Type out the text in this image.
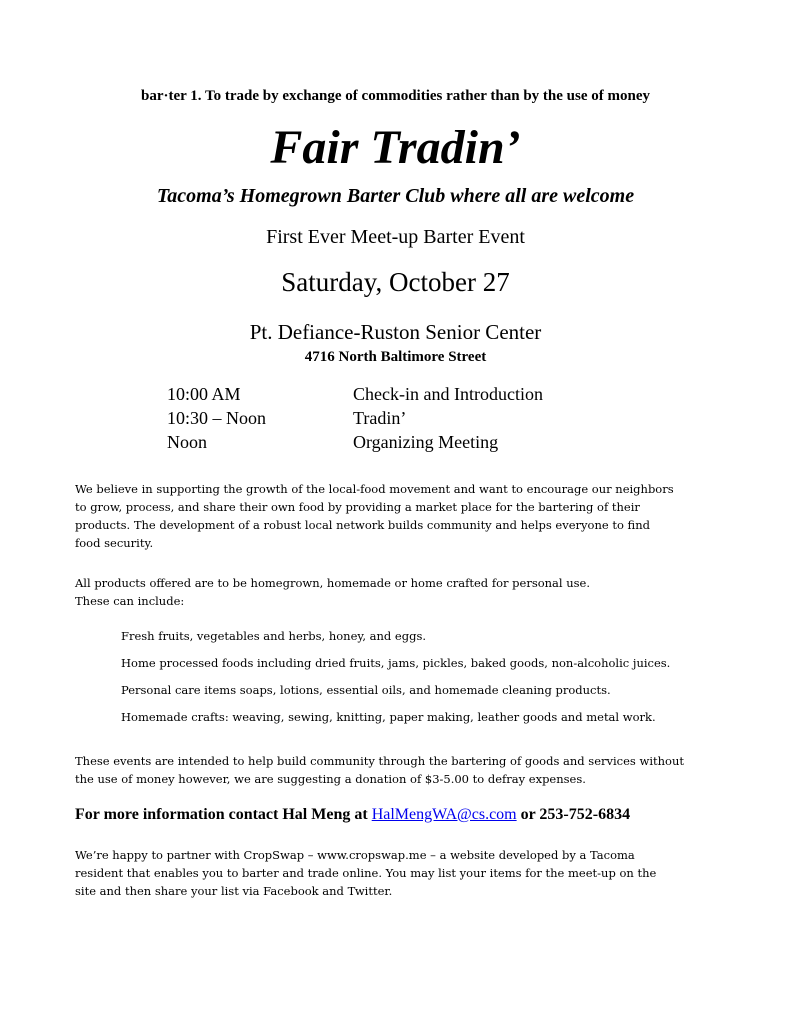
bar·ter 1. To trade by exchange of commodities rather than by the use of money
Fair Tradin’
Tacoma’s Homegrown Barter Club where all are welcome
First Ever Meet-up Barter Event
Saturday, October 27
Pt. Defiance-Ruston Senior Center
4716 North Baltimore Street
10:00 AM	Check-in and Introduction
10:30 – Noon	Tradin’
Noon	Organizing Meeting
We believe in supporting the growth of the local-food movement and want to encourage our neighbors
to grow, process, and share their own food by providing a market place for the bartering of their
products. The development of a robust local network builds community and helps everyone to find
food security.
All products offered are to be homegrown, homemade or home crafted for personal use.
These can include:
Fresh fruits, vegetables and herbs, honey, and eggs.
Home processed foods including dried fruits, jams, pickles, baked goods, non-alcoholic juices.
Personal care items soaps, lotions, essential oils, and homemade cleaning products.
Homemade crafts: weaving, sewing, knitting, paper making, leather goods and metal work.
These events are intended to help build community through the bartering of goods and services without
the use of money however, we are suggesting a donation of $3-5.00 to defray expenses.
For more information contact Hal Meng at HalMengWA@cs.com or 253-752-6834
We’re happy to partner with CropSwap – www.cropswap.me – a website developed by a Tacoma
resident that enables you to barter and trade online. You may list your items for the meet-up on the
site and then share your list via Facebook and Twitter.
